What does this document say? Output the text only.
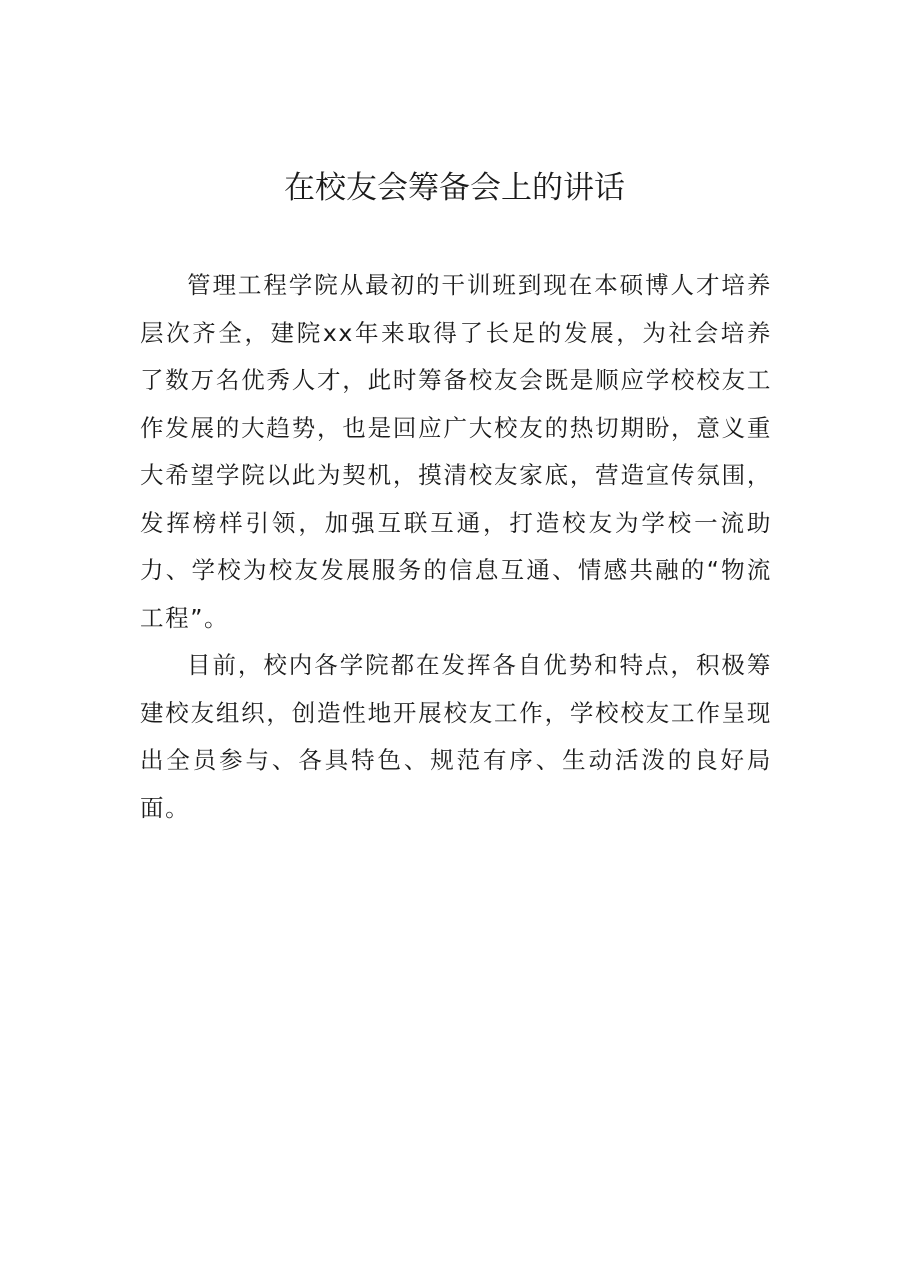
在校友会筹备会上的讲话

管理工程学院从最初的干训班到现在本硕博人才培养层次齐全，建院xx年来取得了长足的发展，为社会培养了数万名优秀人才，此时筹备校友会既是顺应学校校友工作发展的大趋势，也是回应广大校友的热切期盼，意义重大希望学院以此为契机，摸清校友家底，营造宣传氛围，发挥榜样引领，加强互联互通，打造校友为学校一流助力、学校为校友发展服务的信息互通、情感共融的“物流工程”。

目前，校内各学院都在发挥各自优势和特点，积极筹建校友组织，创造性地开展校友工作，学校校友工作呈现出全员参与、各具特色、规范有序、生动活泼的良好局面。
